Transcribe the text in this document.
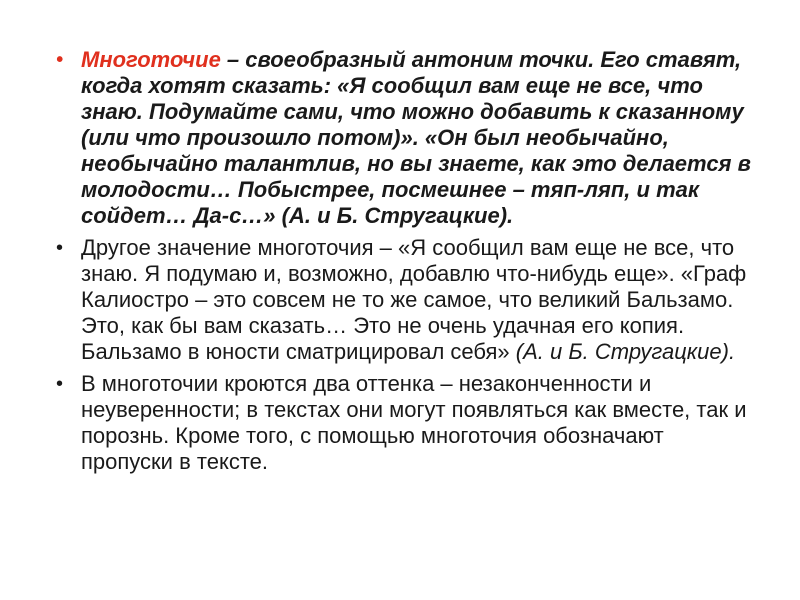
• Многоточие – своеобразный антоним точки. Его ставят, когда хотят сказать: «Я сообщил вам еще не все, что знаю. Подумайте сами, что можно добавить к сказанному (или что произошло потом)». «Он был необычайно, необычайно талантлив, но вы знаете, как это делается в молодости… Побыстрее, посмешнее – тяп-ляп, и так сойдет… Да-с…» (А. и Б. Стругацкие).
• Другое значение многоточия – «Я сообщил вам еще не все, что знаю. Я подумаю и, возможно, добавлю что-нибудь еще». «Граф Калиостро – это совсем не то же самое, что великий Бальзамо. Это, как бы вам сказать… Это не очень удачная его копия. Бальзамо в юности сматрицировал себя» (А. и Б. Стругацкие).
• В многоточии кроются два оттенка – незаконченности и неуверенности; в текстах они могут появляться как вместе, так и порознь. Кроме того, с помощью многоточия обозначают пропуски в тексте.
